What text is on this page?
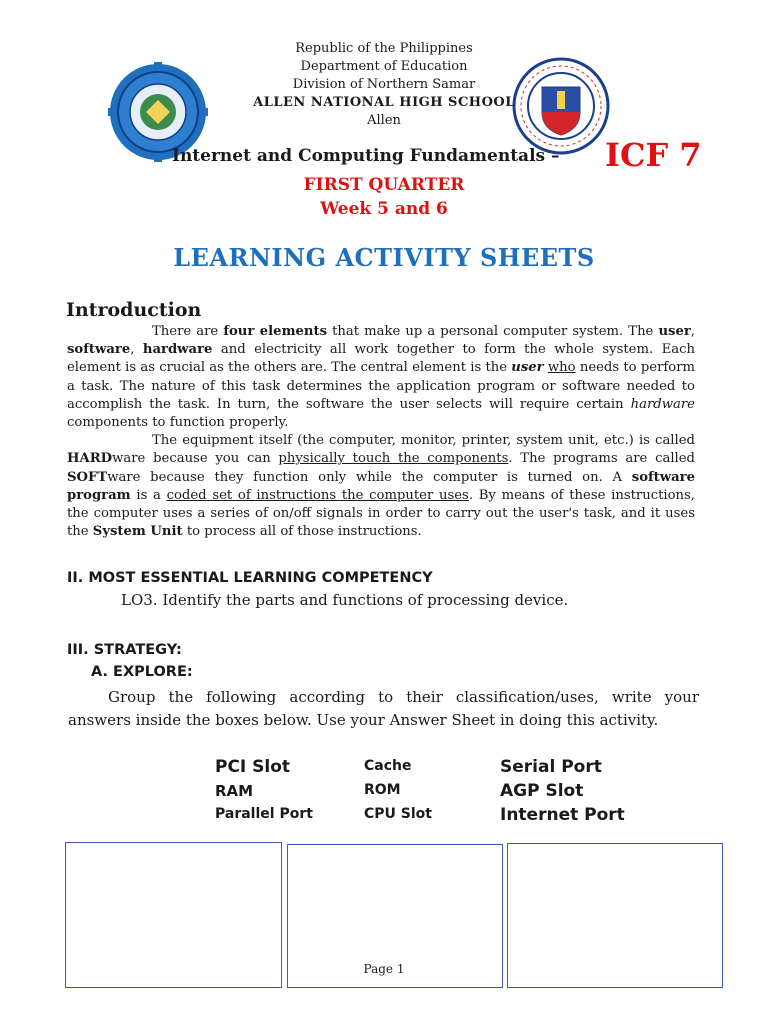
Republic of the Philippines
Department of Education
Division of Northern Samar
ALLEN NATIONAL HIGH SCHOOL
Allen
Internet and Computing Fundamentals – ICF 7
FIRST QUARTER
Week 5 and 6
LEARNING ACTIVITY SHEETS
Introduction

There are four elements that make up a personal computer system. The user, software, hardware and electricity all work together to form the whole system. Each element is as crucial as the others are. The central element is the user who needs to perform a task. The nature of this task determines the application program or software needed to accomplish the task. In turn, the software the user selects will require certain hardware components to function properly.

The equipment itself (the computer, monitor, printer, system unit, etc.) is called HARDware because you can physically touch the components. The programs are called SOFTware because they function only while the computer is turned on. A software program is a coded set of instructions the computer uses. By means of these instructions, the computer uses a series of on/off signals in order to carry out the user's task, and it uses the System Unit to process all of those instructions.

II. MOST ESSENTIAL LEARNING COMPETENCY
LO3. Identify the parts and functions of processing device.
III. STRATEGY:
A. EXPLORE:
Group the following according to their classification/uses, write your answers inside the boxes below. Use your Answer Sheet in doing this activity.
PCI Slot
RAM
Parallel Port
Cache
ROM
CPU Slot
Serial Port
AGP Slot
Internet Port
Page 1
